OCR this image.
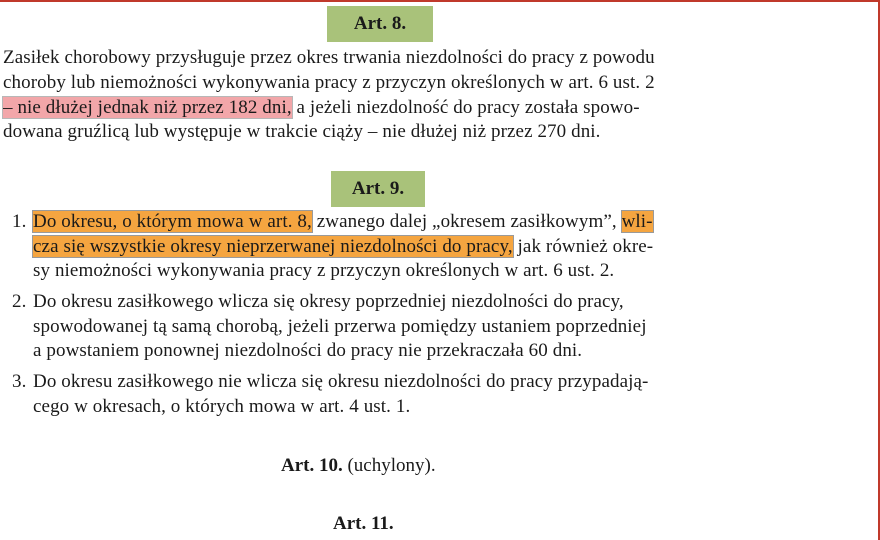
Art. 8.
Zasiłek chorobowy przysługuje przez okres trwania niezdolności do pracy z powodu
choroby lub niemożności wykonywania pracy z przyczyn określonych w art. 6 ust. 2
– nie dłużej jednak niż przez 182 dni, a jeżeli niezdolność do pracy została spowo-
dowana gruźlicą lub występuje w trakcie ciąży – nie dłużej niż przez 270 dni.
Art. 9.
1. Do okresu, o którym mowa w art. 8, zwanego dalej „okresem zasiłkowym”, wli-
cza się wszystkie okresy nieprzerwanej niezdolności do pracy, jak również okre-
sy niemożności wykonywania pracy z przyczyn określonych w art. 6 ust. 2.
2. Do okresu zasiłkowego wlicza się okresy poprzedniej niezdolności do pracy,
spowodowanej tą samą chorobą, jeżeli przerwa pomiędzy ustaniem poprzedniej
a powstaniem ponownej niezdolności do pracy nie przekraczała 60 dni.
3. Do okresu zasiłkowego nie wlicza się okresu niezdolności do pracy przypadają-
cego w okresach, o których mowa w art. 4 ust. 1.
Art. 10. (uchylony).
Art. 11.
